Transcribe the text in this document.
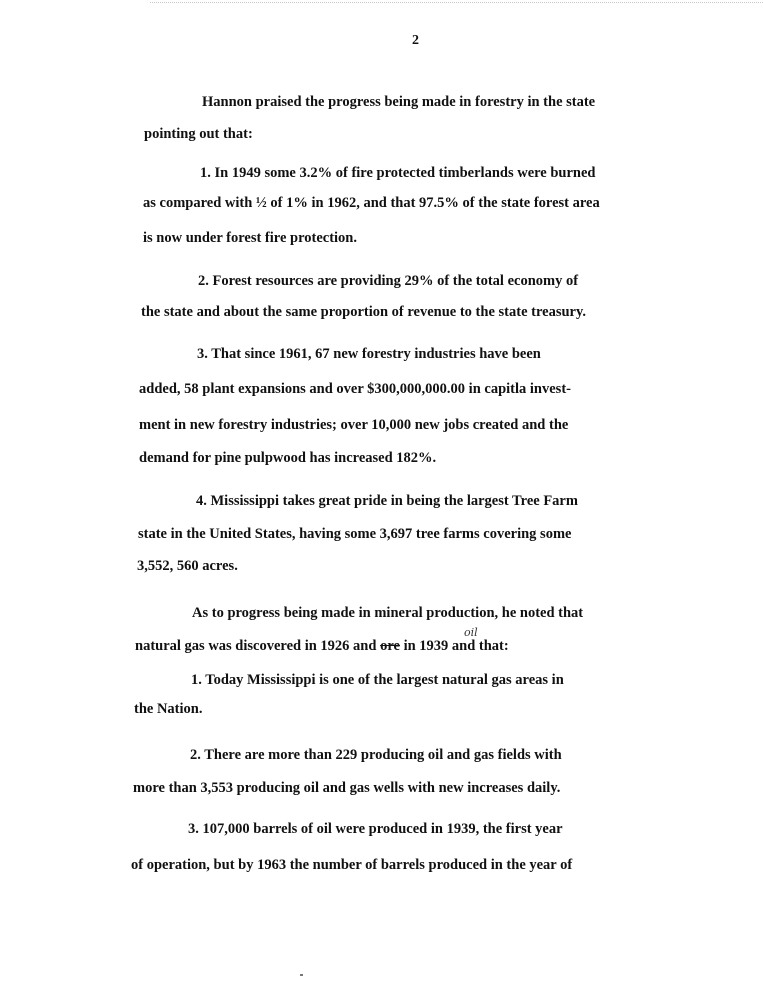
2
Hannon praised the progress being made in forestry in the state
pointing out that:
1. In 1949 some 3.2% of fire protected timberlands were burned
as compared with ½ of 1% in 1962, and that 97.5% of the state forest area
is now under forest fire protection.
2. Forest resources are providing 29% of the total economy of
the state and about the same proportion of revenue to the state treasury.
3. That since 1961, 67 new forestry industries have been
added, 58 plant expansions and over $300,000,000.00 in capitla invest-
ment in new forestry industries; over 10,000 new jobs created and the
demand for pine pulpwood has increased 182%.
4. Mississippi takes great pride in being the largest Tree Farm
state in the United States, having some 3,697 tree farms covering some
3,552, 560 acres.
As to progress being made in mineral production, he noted that
natural gas was discovered in 1926 and ore in 1939 and that:
oil
1. Today Mississippi is one of the largest natural gas areas in
the Nation.
2. There are more than 229 producing oil and gas fields with
more than 3,553 producing oil and gas wells with new increases daily.
3. 107,000 barrels of oil were produced in 1939, the first year
of operation, but by 1963 the number of barrels produced in the year of
